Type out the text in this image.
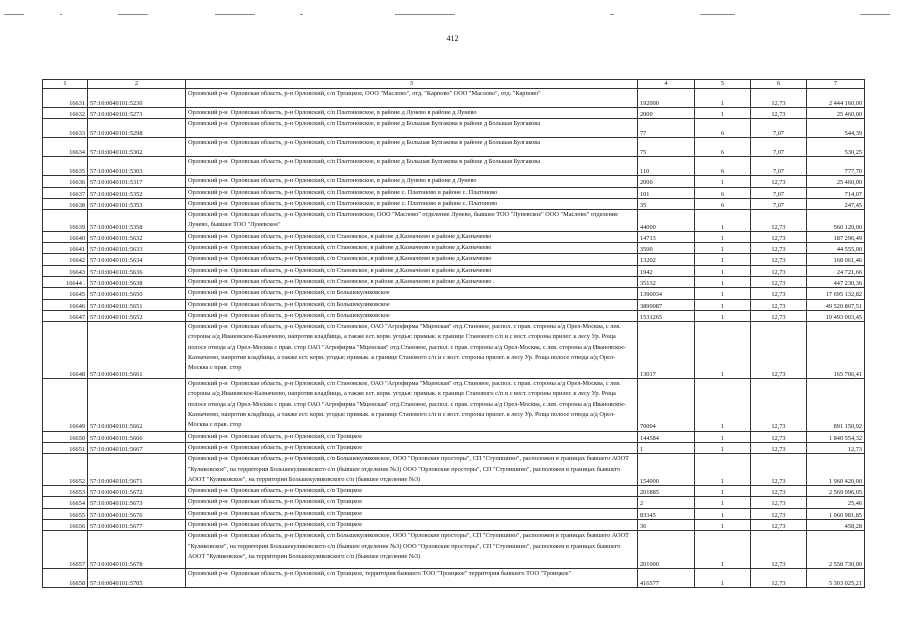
412
1	2	3	4	5	6	7
16631	57:10:0040101:5230	Орловский р-н Орловская область, р-н Орловский, с/п Троицкое, ООО "Маслово", отд. "Карпово" ООО "Маслово", отд. "Карпово"	192000	1	12,73	2 444 160,00
16632	57:10:0040101:5273	Орловский р-н Орловская область, р-н Орловский, с/п Платоновское, в районе д Лунево в районе д Лунево	2000	1	12,73	25 460,00
16633	57:10:0040101:5298	Орловский р-н Орловская область, р-н Орловский, с/п Платоновское, в районе д Большая Булгакова в районе д Большая Булгакова	77	6	7,07	544,39
16634	57:10:0040101:5302	Орловский р-н Орловская область, р-н Орловский, с/п Платоновское, в районе д Большая Булгакова в районе д Большая Булгакова	75	6	7,07	530,25
16635	57:10:0040101:5303	Орловский р-н Орловская область, р-н Орловский, с/п Платоновское, в районе д Большая Булгакова в районе д Большая Булгакова	110	6	7,07	777,70
16636	57:10:0040101:5317	Орловский р-н Орловская область, р-н Орловский, с/п Платоновское, в районе д Лунево в районе д Лунево	2000	1	12,73	25 460,00
16637	57:10:0040101:5352	Орловский р-н Орловская область, р-н Орловский, с/п Платоновское, в районе с. Платоново в районе с. Платоново	101	6	7,07	714,07
16638	57:10:0040101:5353	Орловский р-н Орловская область, р-н Орловский, с/п Платоновское, в районе с. Платоново в районе с. Платоново	35	6	7,07	247,45
16639	57:10:0040101:5358	Орловский р-н Орловская область, р-н Орловский, с/п Платоновское, ООО "Маслово" отделение Лунево, бывшее ТОО "Луневское" ООО "Маслово" отделение Лунево, бывшее ТОО "Луневское"	44000	1	12,73	560 120,00
16640	57:10:0040101:5632	Орловский р-н Орловская область, р-н Орловский, с/п Становское, в районе д.Казначеево в районе д.Казначеево	14713	1	12,73	187 296,49
16641	57:10:0040101:5633	Орловский р-н Орловская область, р-н Орловский, с/п Становское, в районе д.Казначеево в районе д.Казначеево	3500	1	12,73	44 555,00
16642	57:10:0040101:5634	Орловский р-н Орловская область, р-н Орловский, с/п Становское, в районе д.Казначеево в районе д.Казначеево	13202	1	12,73	168 061,46
16643	57:10:0040101:5636	Орловский р-н Орловская область, р-н Орловский, с/п Становское, в районе д.Казначеево в районе д.Казначеево	1942	1	12,73	24 721,66
16644 .	57:10:0040101:5638	Орловский р-н Орловская область, р-н Орловский, с/п Становское, в районе д.Казначеево в районе д.Казначеево .	35132	1	12,73	447 230,36
16645	57:10:0040101:5650	Орловский р-н Орловская область, р-н Орловский, с/п Большекуликовское	1390034	1	12,73	17 695 132,82
16646	57:10:0040101:5651	Орловский р-н Орловская область, р-н Орловский, с/п Большекуликовское	3890087	1	12,73	49 520 807,51
16647	57:10:0040101:5652	Орловский р-н Орловская область, р-н Орловский, с/п Большекуликовское	1531265	1	12,73	19 493 003,45
16648	57:10:0040101:5661	Орловский р-н Орловская область, р-н Орловский, с/п Становское, ОАО "Агрофирма "Мценская" отд.Становое, распол. с прав. стороны а/д Орел-Москва, с лев. стороны а/д Ивановское-Казначеево, напротив кладбища, а также ест. корм. угодья: примык. к границе Станового с/п и с вост. стороны прилег. к лесу Ур. Роща полосе отвода а/д Орел-Москва с прав. стор ОАО "Агрофирма "Мценская" отд.Становое, распол. с прав. стороны а/д Орел-Москва, с лев. стороны а/д Ивановское-Казначеево, напротив кладбища, а также ест. корм. угодья: примык. к границе Станового с/п и с вост. стороны прилег. к лесу Ур. Роща полосе отвода а/д Орел-Москва с прав. стор	13017	1	12,73	165 706,41
16649	57:10:0040101:5662	Орловский р-н Орловская область, р-н Орловский, с/п Становское, ОАО "Агрофирма "Мценская" отд.Становое, распол. с прав. стороны а/д Орел-Москва, с лев. стороны а/д Ивановское-Казначеево, напротив кладбища, а также ест. корм. угодья: примык. к границе Станового с/п и с вост. стороны прилег. к лесу Ур. Роща полосе отвода а/д Орел-Москва с прав. стор ОАО "Агрофирма "Мценская" отд.Становое, распол. с прав. стороны а/д Орел-Москва, с лев. стороны а/д Ивановское-Казначеево, напротив кладбища, а также ест. корм. угодья: примык. к границе Станового с/п и с вост. стороны прилег. к лесу Ур. Роща полосе отвода а/д Орел-Москва с прав. стор	70004	1	12,73	891 150,92
16650	57:10:0040101:5666	Орловский р-н Орловская область, р-н Орловский, с/п Троицкое	144584	1	12,73	1 840 554,32
16651	57:10:0040101:5667	Орловский р-н Орловская область, р-н Орловский, с/п Троицкое	1	1	12,73	12,73
16652	57:10:0040101:5671	Орловский р-н Орловская область, р-н Орловский, с/п Большекуликовское, ООО "Орловские просторы", СП "Ступишино", расположен в границах бывшего АООТ "Куликовское", на территории Большекуликовского с/п (бывшее отделение №3) ООО "Орловские просторы", СП "Ступишино", расположен в границах бывшего АООТ "Куликовское", на территории Большекуликовского с/п (бывшее отделение №3)	154000	1	12,73	1 960 420,00
16653	57:10:0040101:5672	Орловский р-н Орловская область, р-н Орловский, с/п Троицкое	201885	1	12,73	2 569 996,05
16654	57:10:0040101:5673	Орловский р-н Орловская область, р-н Орловский, с/п Троицкое	2	1	12,73	25,46
16655	57:10:0040101:5676	Орловский р-н Орловская область, р-н Орловский, с/п Троицкое	83345	1	12,73	1 060 981,85
16656	57:10:0040101:5677	Орловский р-н Орловская область, р-н Орловский, с/п Троицкое	36	1	12,73	458,28
16657	57:10:0040101:5678	Орловский р-н Орловская область, р-н Орловский, с/п Большекуликовское, ООО "Орловские просторы", СП "Ступишино", расположен в границах бывшего АООТ "Куликовское", на территории Большекуликовского с/п (бывшее отделение №3) ООО "Орловские просторы", СП "Ступишино", расположен в границах бывшего АООТ "Куликовское", на территории Большекуликовского с/п (бывшее отделение №3)	201000	1	12,73	2 558 730,00
16658	57:10:0040101:5705	Орловский р-н Орловская область, р-н Орловский, с/п Троицкое, территория бывшего ТОО "Троицкое" территория бывшего ТОО "Троицкое"	416577	1	12,73	5 303 025,21
